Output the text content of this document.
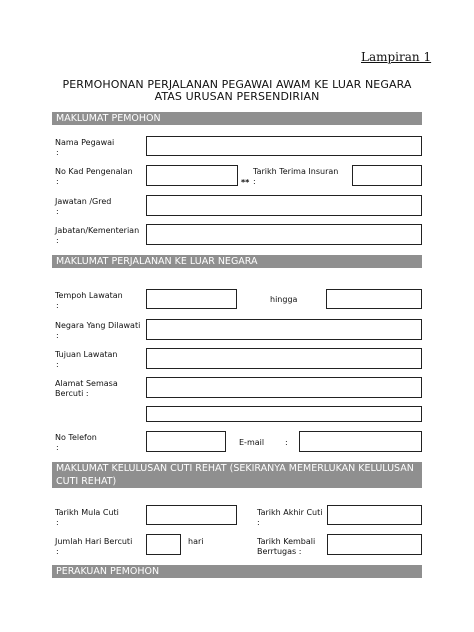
Lampiran 1
PERMOHONAN PERJALANAN PEGAWAI AWAM KE LUAR NEGARA
ATAS URUSAN PERSENDIRIAN
MAKLUMAT PEMOHON
Nama Pegawai
:
No Kad Pengenalan
:
Tarikh Terima Insuran
** :
Jawatan /Gred
:
Jabatan/Kementerian
:
MAKLUMAT PERJALANAN KE LUAR NEGARA
Tempoh Lawatan
:
hingga
Negara Yang Dilawati
:
Tujuan Lawatan
:
Alamat Semasa
Bercuti :
No Telefon
:
E-mail	:
MAKLUMAT KELULUSAN CUTI REHAT (SEKIRANYA MEMERLUKAN KELULUSAN
CUTI REHAT)
Tarikh Mula Cuti
:
Tarikh Akhir Cuti
:
Jumlah Hari Bercuti
:
hari	Tarikh Kembali
Berrtugas :
PERAKUAN PEMOHON
